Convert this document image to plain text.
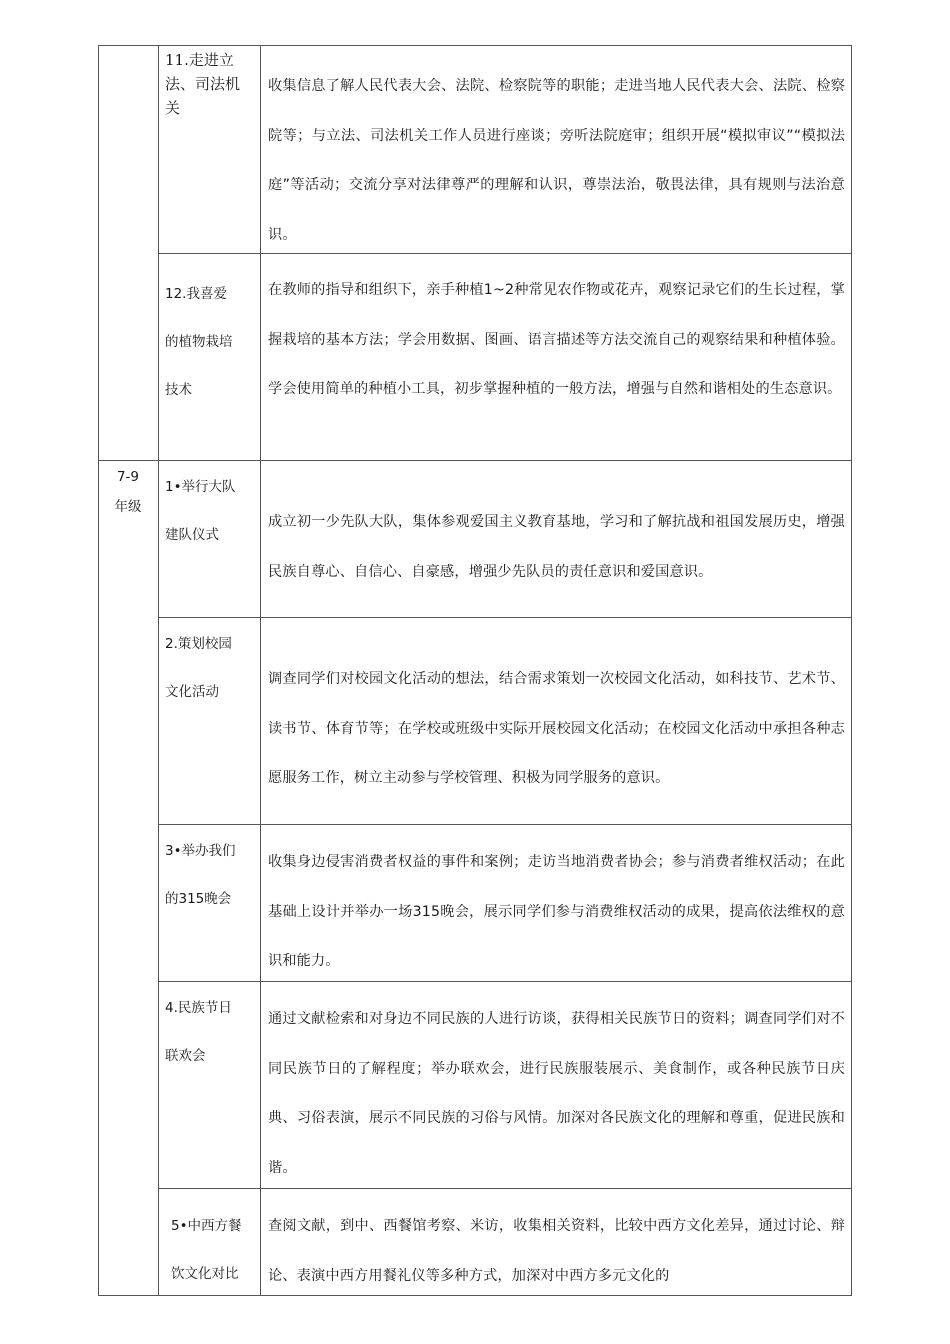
7-9
年级
11.走进立
法、司法机
关
收集信息了解人民代表大会、法院、检察院等的职能；走进当地人民代表大会、法院、检察院等；与立法、司法机关工作人员进行座谈；旁听法院庭审；组织开展“模拟审议”“模拟法庭”等活动；交流分享对法律尊严的理解和认识，尊崇法治，敬畏法律，具有规则与法治意识。
12.我喜爱
的植物栽培
技术
在教师的指导和组织下，亲手种植1~2种常见农作物或花卉，观察记录它们的生长过程，掌握栽培的基本方法；学会用数据、图画、语言描述等方法交流自己的观察结果和种植体验。学会使用简单的种植小工具，初步掌握种植的一般方法，增强与自然和谐相处的生态意识。
1•举行大队
建队仪式
成立初一少先队大队，集体参观爱国主义教育基地，学习和了解抗战和祖国发展历史，增强民族自尊心、自信心、自豪感，增强少先队员的责任意识和爱国意识。
2.策划校园
文化活动
调查同学们对校园文化活动的想法，结合需求策划一次校园文化活动，如科技节、艺术节、读书节、体育节等；在学校或班级中实际开展校园文化活动；在校园文化活动中承担各种志愿服务工作，树立主动参与学校管理、积极为同学服务的意识。
3•举办我们
的315晚会
收集身边侵害消费者权益的事件和案例；走访当地消费者协会；参与消费者维权活动；在此基础上设计并举办一场315晚会，展示同学们参与消费维权活动的成果，提高依法维权的意识和能力。
4.民族节日
联欢会
通过文献检索和对身边不同民族的人进行访谈，获得相关民族节日的资料；调查同学们对不同民族节日的了解程度；举办联欢会，进行民族服装展示、美食制作，或各种民族节日庆典、习俗表演，展示不同民族的习俗与风情。加深对各民族文化的理解和尊重，促进民族和谐。
5•中西方餐
饮文化对比
查阅文献，到中、西餐馆考察、米访，收集相关资料，比较中西方文化差异，通过讨论、辩论、表演中西方用餐礼仪等多种方式，加深对中西方多元文化的
